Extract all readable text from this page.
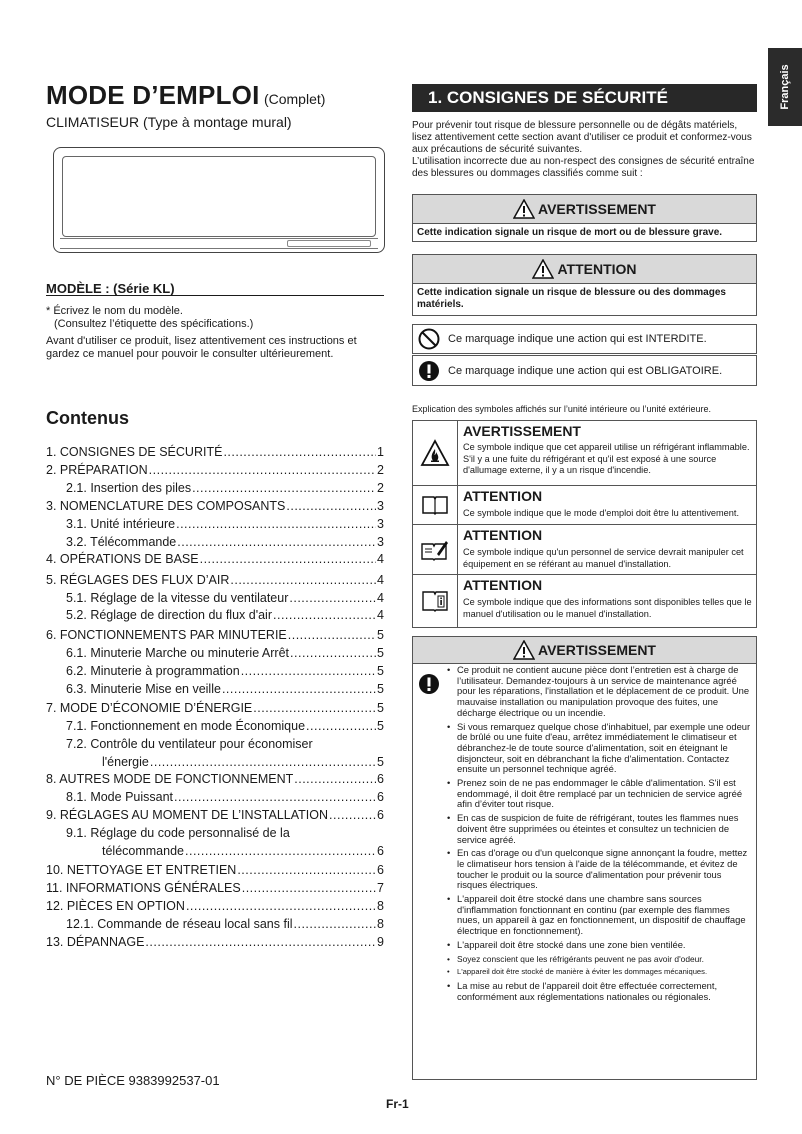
Français
MODE D’EMPLOI (Complet)
CLIMATISEUR (Type à montage mural)
MODÈLE : (Série KL)
* Écrivez le nom du modèle.
(Consultez l’étiquette des spécifications.)
Avant d'utiliser ce produit, lisez attentivement ces instructions et gardez ce manuel pour pouvoir le consulter ultérieurement.
Contenus
1. CONSIGNES DE SÉCURITÉ .....	1
2. PRÉPARATION .....	2
2.1. Insertion des piles .....	2
3. NOMENCLATURE DES COMPOSANTS .....	3
3.1. Unité intérieure .....	3
3.2. Télécommande .....	3
4. OPÉRATIONS DE BASE .....	4
5. RÉGLAGES DES FLUX D’AIR .....	4
5.1. Réglage de la vitesse du ventilateur .....	4
5.2. Réglage de direction du flux d'air .....	4
6. FONCTIONNEMENTS PAR MINUTERIE .....	5
6.1. Minuterie Marche ou minuterie Arrêt .....	5
6.2. Minuterie à programmation .....	5
6.3. Minuterie Mise en veille .....	5
7. MODE D’ÉCONOMIE D’ÉNERGIE .....	5
7.1. Fonctionnement en mode Économique .....	5
7.2. Contrôle du ventilateur pour économiser
l'énergie .....	5
8. AUTRES MODE DE FONCTIONNEMENT .....	6
8.1. Mode Puissant .....	6
9. RÉGLAGES AU MOMENT DE L’INSTALLATION .....	6
9.1. Réglage du code personnalisé de la
télécommande .....	6
10. NETTOYAGE ET ENTRETIEN .....	6
11. INFORMATIONS GÉNÉRALES .....	7
12. PIÈCES EN OPTION .....	8
12.1. Commande de réseau local sans fil .....	8
13. DÉPANNAGE .....	9
N° DE PIÈCE 9383992537-01
Fr-1
1. CONSIGNES DE SÉCURITÉ
Pour prévenir tout risque de blessure personnelle ou de dégâts matériels, lisez attentivement cette section avant d'utiliser ce produit et conformez-vous aux précautions de sécurité suivantes.
L’utilisation incorrecte due au non-respect des consignes de sécurité entraîne des blessures ou dommages classifiés comme suit :
AVERTISSEMENT
Cette indication signale un risque de mort ou de blessure grave.
ATTENTION
Cette indication signale un risque de blessure ou des dommages matériels.
Ce marquage indique une action qui est INTERDITE.
Ce marquage indique une action qui est OBLIGATOIRE.
Explication des symboles affichés sur l’unité intérieure ou l’unité extérieure.
AVERTISSEMENT
Ce symbole indique que cet appareil utilise un réfrigérant inflammable. S'il y a une fuite du réfrigérant et qu'il est exposé à une source d'allumage externe, il y a un risque d'incendie.
ATTENTION
Ce symbole indique que le mode d'emploi doit être lu attentivement.
ATTENTION
Ce symbole indique qu'un personnel de service devrait manipuler cet équipement en se référant au manuel d'installation.
ATTENTION
Ce symbole indique que des informations sont disponibles telles que le manuel d'utilisation ou le manuel d'installation.
AVERTISSEMENT
• Ce produit ne contient aucune pièce dont l’entretien est à charge de l’utilisateur. Demandez-toujours à un service de maintenance agréé pour les réparations, l'installation et le déplacement de ce produit. Une mauvaise installation ou manipulation provoque des fuites, une décharge électrique ou un incendie.
• Si vous remarquez quelque chose d'inhabituel, par exemple une odeur de brûlé ou une fuite d'eau, arrêtez immédiatement le climatiseur et débranchez-le de toute source d'alimentation, soit en éteignant le disjoncteur, soit en débranchant la fiche d'alimentation. Contactez ensuite un personnel technique agréé.
• Prenez soin de ne pas endommager le câble d'alimentation. S'il est endommagé, il doit être remplacé par un technicien de service agréé afin d’éviter tout risque.
• En cas de suspicion de fuite de réfrigérant, toutes les flammes nues doivent être supprimées ou éteintes et consultez un technicien de service agréé.
• En cas d'orage ou d'un quelconque signe annonçant la foudre, mettez le climatiseur hors tension à l'aide de la télécommande, et évitez de toucher le produit ou la source d'alimentation pour prévenir tous risques électriques.
• L'appareil doit être stocké dans une chambre sans sources d'inflammation fonctionnant en continu (par exemple des flammes nues, un appareil à gaz en fonctionnement, un dispositif de chauffage électrique en fonctionnement).
• L'appareil doit être stocké dans une zone bien ventilée.
• Soyez conscient que les réfrigérants peuvent ne pas avoir d'odeur.
• L'appareil doit être stocké de manière à éviter les dommages mécaniques.
• La mise au rebut de l'appareil doit être effectuée correctement, conformément aux réglementations nationales ou régionales.
